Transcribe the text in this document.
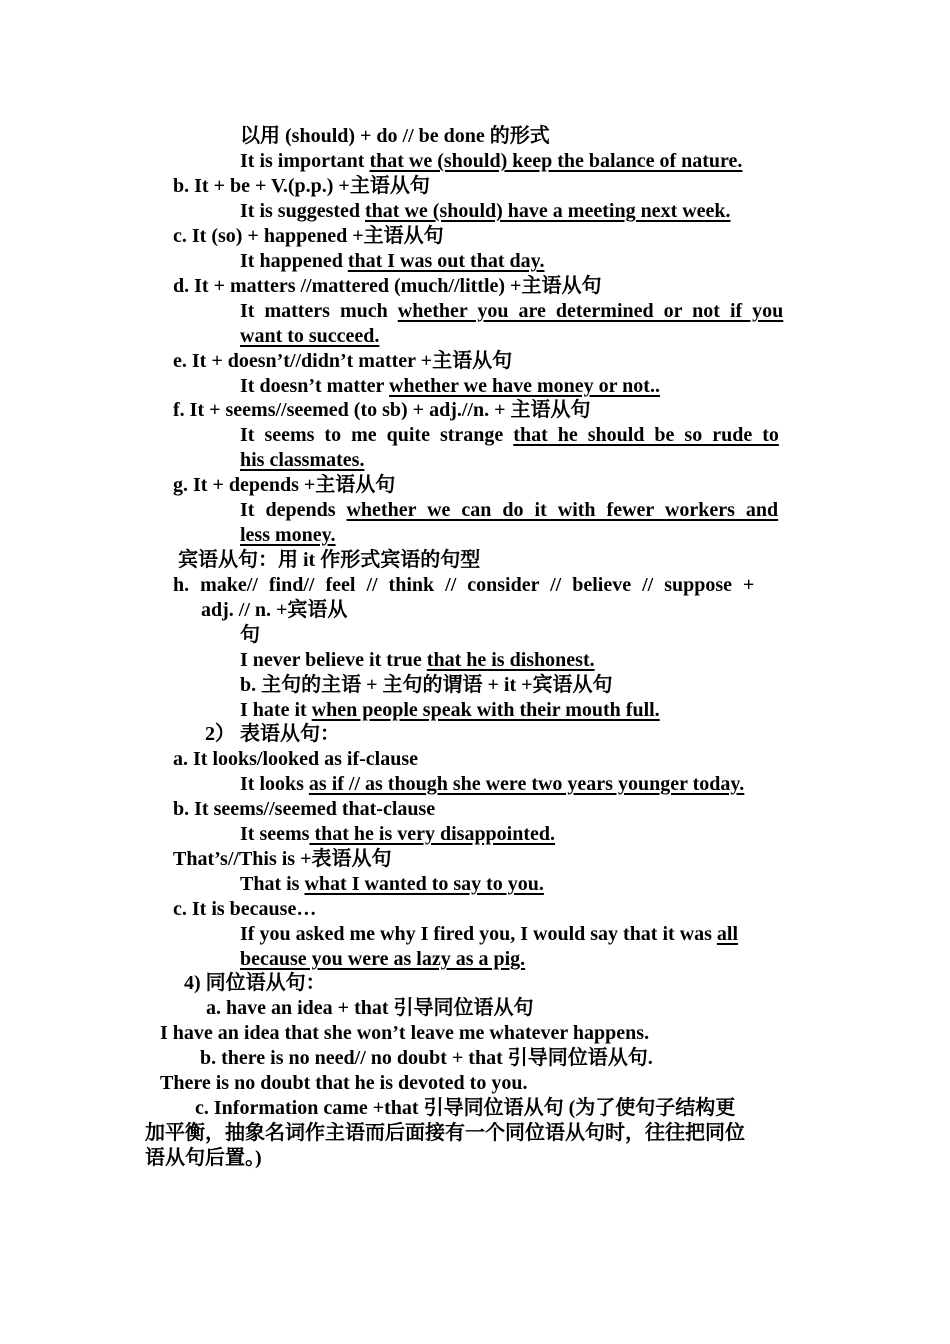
以用 (should) + do // be done 的形式
It is important that we (should) keep the balance of nature.
b. It + be + V.(p.p.) +主语从句
It is suggested that we (should) have a meeting next week.
c. It (so) + happened +主语从句
It happened that I was out that day.
d. It + matters //mattered (much//little) +主语从句
It matters much whether you are determined or not if you
want to succeed.
e. It + doesn’t//didn’t matter +主语从句
It doesn’t matter whether we have money or not..
f. It + seems//seemed (to sb) + adj.//n. + 主语从句
It seems to me quite strange that he should be so rude to
his classmates.
g. It + depends +主语从句
It depends whether we can do it with fewer workers and
less money.
宾语从句：用 it 作形式宾语的句型
h. make// find// feel // think // consider // believe // suppose +
adj. // n. +宾语从
句
I never believe it true that he is dishonest.
b. 主句的主语 + 主句的谓语 + it +宾语从句
I hate it when people speak with their mouth full.
2） 表语从句：
a. It looks/looked as if-clause
It looks as if // as though she were two years younger today.
b. It seems//seemed that-clause
It seems that he is very disappointed.
That’s//This is +表语从句
That is what I wanted to say to you.
c. It is because…
If you asked me why I fired you, I would say that it was all
because you were as lazy as a pig.
4) 同位语从句：
a. have an idea + that 引导同位语从句
I have an idea that she won’t leave me whatever happens.
b. there is no need// no doubt + that 引导同位语从句.
There is no doubt that he is devoted to you.
c. Information came +that 引导同位语从句 (为了使句子结构更
加平衡，抽象名词作主语而后面接有一个同位语从句时，往往把同位
语从句后置。)
